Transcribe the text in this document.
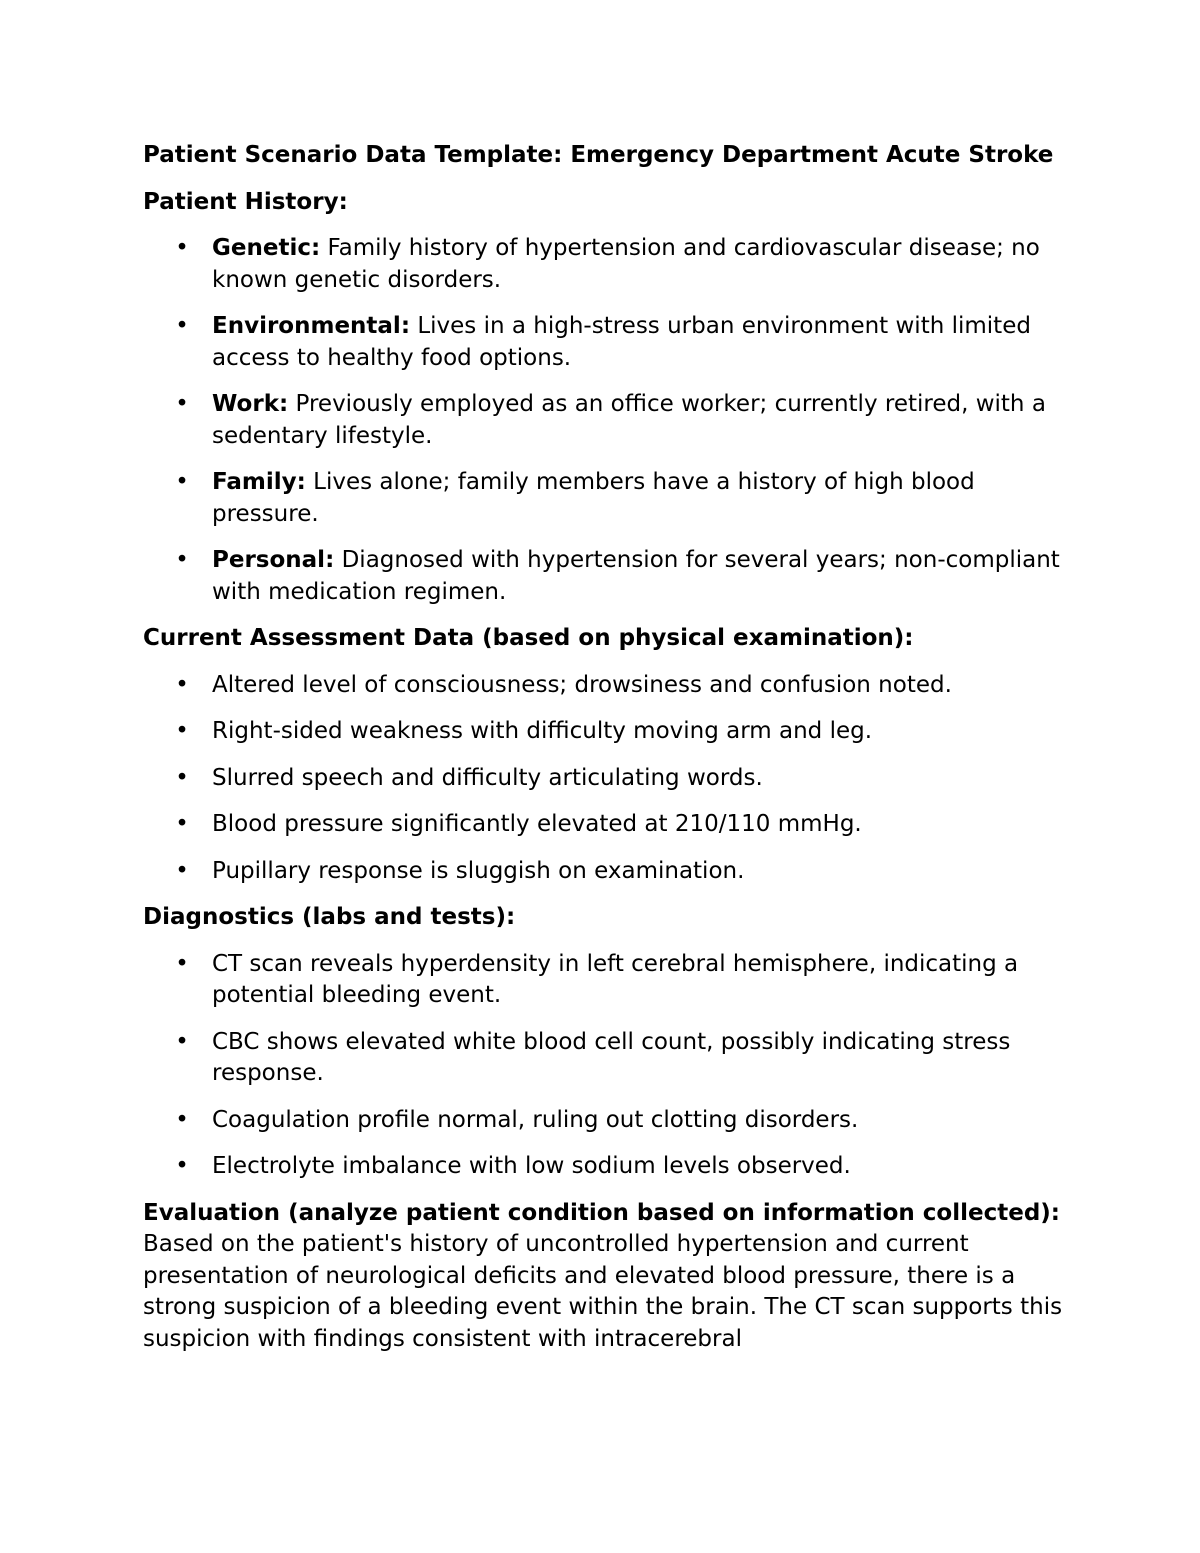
Patient Scenario Data Template: Emergency Department Acute Stroke
Patient History:
• Genetic: Family history of hypertension and cardiovascular disease; no known genetic disorders.
• Environmental: Lives in a high-stress urban environment with limited access to healthy food options.
• Work: Previously employed as an office worker; currently retired, with a sedentary lifestyle.
• Family: Lives alone; family members have a history of high blood pressure.
• Personal: Diagnosed with hypertension for several years; non-compliant with medication regimen.
Current Assessment Data (based on physical examination):
• Altered level of consciousness; drowsiness and confusion noted.
• Right-sided weakness with difficulty moving arm and leg.
• Slurred speech and difficulty articulating words.
• Blood pressure significantly elevated at 210/110 mmHg.
• Pupillary response is sluggish on examination.
Diagnostics (labs and tests):
• CT scan reveals hyperdensity in left cerebral hemisphere, indicating a potential bleeding event.
• CBC shows elevated white blood cell count, possibly indicating stress response.
• Coagulation profile normal, ruling out clotting disorders.
• Electrolyte imbalance with low sodium levels observed.

Evaluation (analyze patient condition based on information collected): Based on the patient's history of uncontrolled hypertension and current presentation of neurological deficits and elevated blood pressure, there is a strong suspicion of a bleeding event within the brain. The CT scan supports this suspicion with findings consistent with intracerebral
